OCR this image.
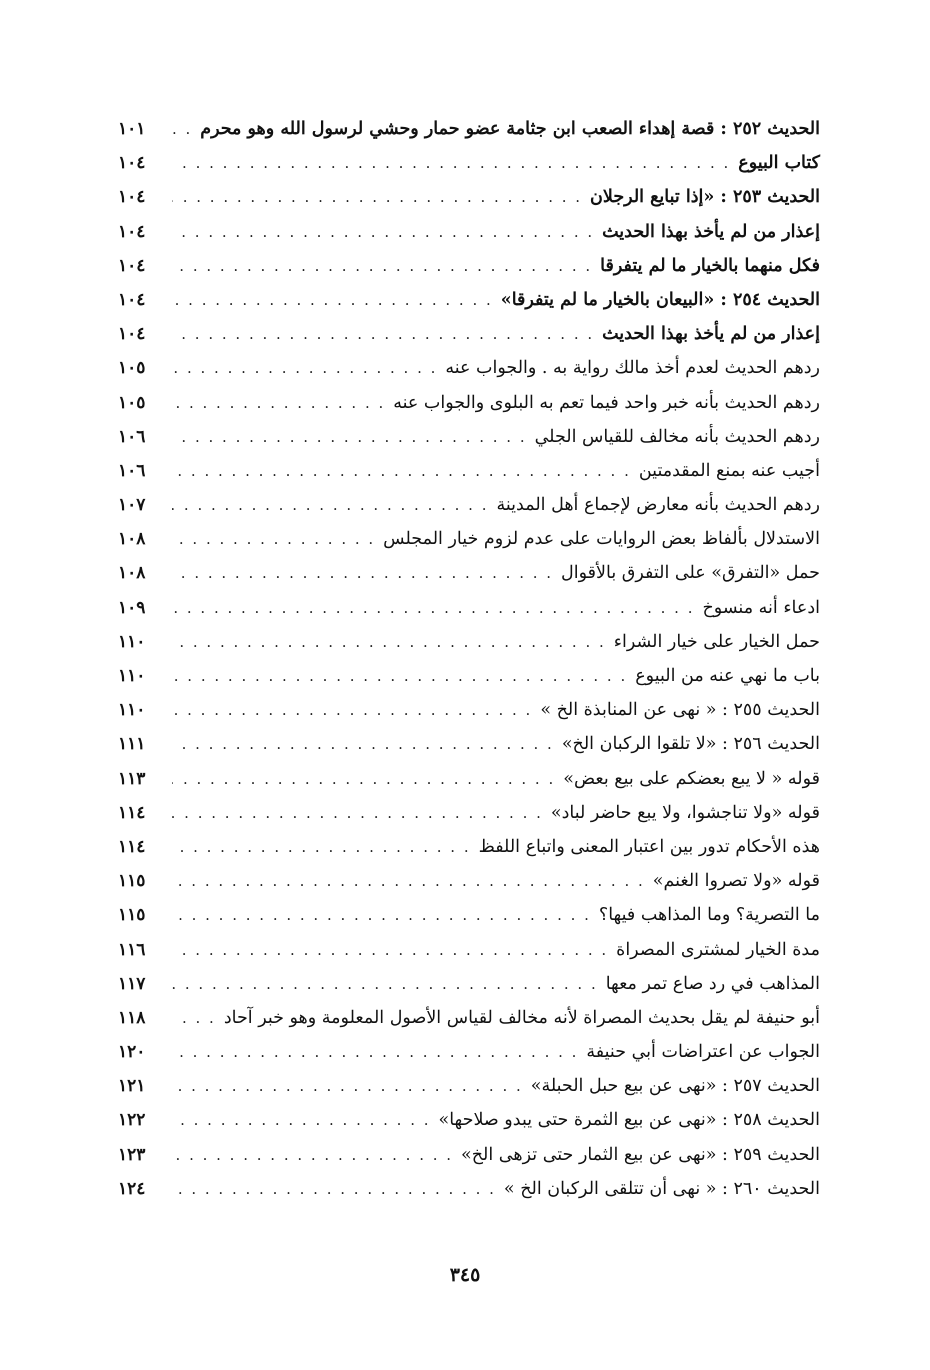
الحديث ٢٥٢ : قصة إهداء الصعب ابن جثامة عضو حمار وحشي لرسول الله وهو محرم
. . .
١٠١
كتاب البيوع
. . .
١٠٤
الحديث ٢٥٣ : «إذا تبايع الرجلان
. . .
١٠٤
إعذار من لم يأخذ بهذا الحديث
. . .
١٠٤
فكل منهما بالخيار ما لم يتفرقا
. . .
١٠٤
الحديث ٢٥٤ : «البيعان بالخيار ما لم يتفرقا»
. . .
١٠٤
إعذار من لم يأخذ بهذا الحديث
. . .
١٠٤
ردهم الحديث لعدم أخذ مالك رواية به . والجواب عنه
. . .
١٠٥
ردهم الحديث بأنه خبر واحد فيما تعم به البلوى والجواب عنه
. . .
١٠٥
ردهم الحديث بأنه مخالف للقياس الجلي
. . .
١٠٦
أجيب عنه بمنع المقدمتين
. . .
١٠٦
ردهم الحديث بأنه معارض لإجماع أهل المدينة
. . .
١٠٧
الاستدلال بألفاظ بعض الروايات على عدم لزوم خيار المجلس
. . .
١٠٨
حمل «التفرق» على التفرق بالأقوال
. . .
١٠٨
ادعاء أنه منسوخ
. . .
١٠٩
حمل الخيار على خيار الشراء
. . .
١١٠
باب ما نهي عنه من البيوع
. . .
١١٠
الحديث ٢٥٥ : « نهى عن المنابذة الخ »
. . .
١١٠
الحديث ٢٥٦ : «لا تلقوا الركبان الخ»
. . .
١١١
قوله « لا يبع بعضكم على بيع بعض»
. . .
١١٣
قوله «ولا تناجشوا، ولا يبع حاضر لباد»
. . .
١١٤
هذه الأحكام تدور بين اعتبار المعنى واتباع اللفظ
. . .
١١٤
قوله «ولا تصروا الغنم»
. . .
١١٥
ما التصرية؟ وما المذاهب فيها؟
. . .
١١٥
مدة الخيار لمشترى المصراة
. . .
١١٦
المذاهب في رد صاع تمر معها
. . .
١١٧
أبو حنيفة لم يقل بحديث المصراة لأنه مخالف لقياس الأصول المعلومة وهو خبر آحاد
. . .
١١٨
الجواب عن اعتراضات أبي حنيفة
. . .
١٢٠
الحديث ٢٥٧ : «نهى عن بيع حبل الحبلة»
. . .
١٢١
الحديث ٢٥٨ : «نهى عن بيع الثمرة حتى يبدو صلاحها»
. . .
١٢٢
الحديث ٢٥٩ : «نهى عن بيع الثمار حتى تزهى الخ»
. . .
١٢٣
الحديث ٢٦٠ : « نهى أن تتلقى الركبان الخ »
. . .
١٢٤
٣٤٥
